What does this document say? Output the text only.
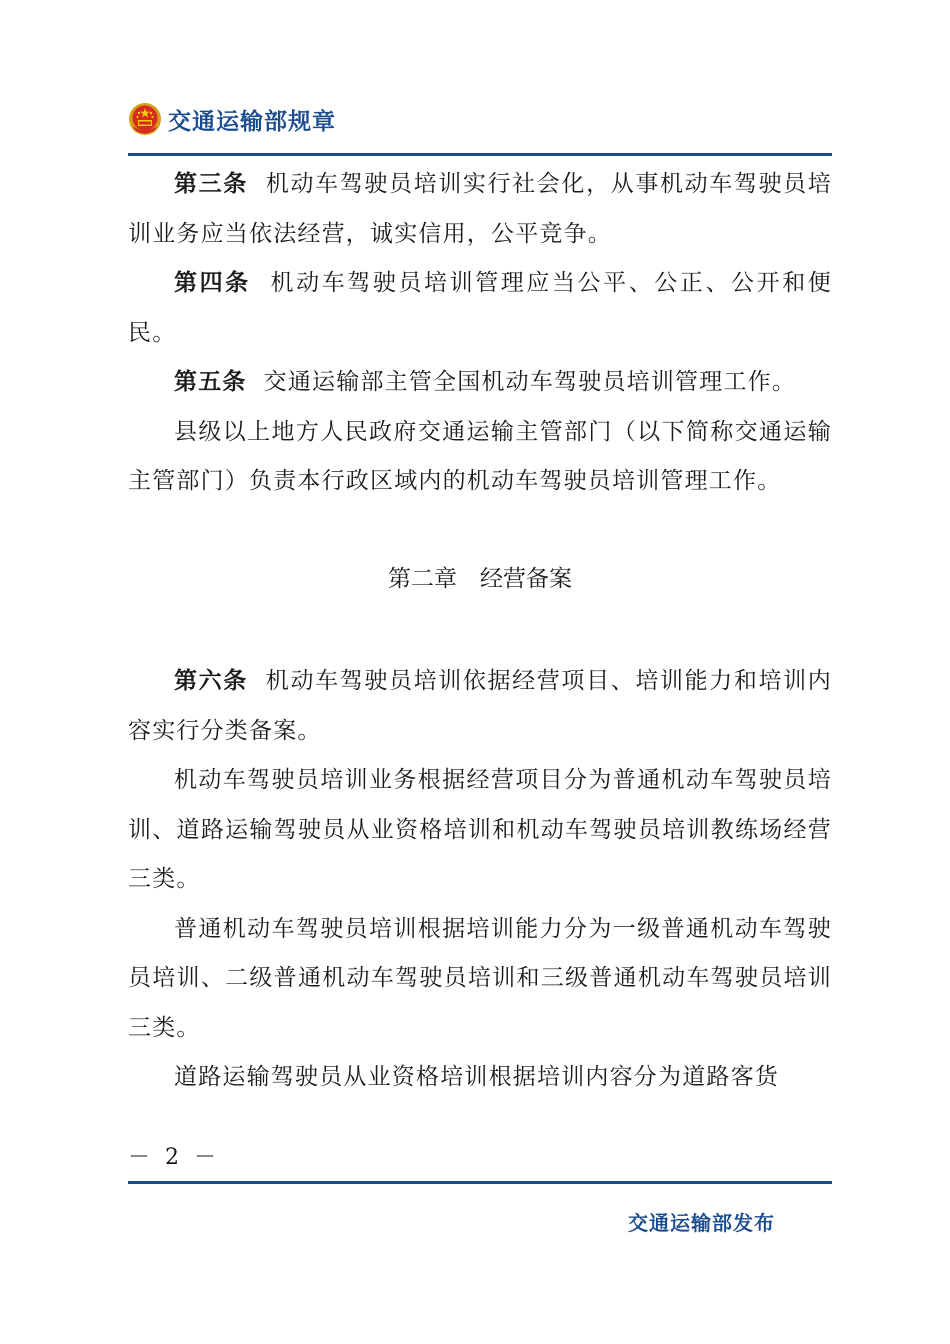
交通运输部规章

第三条 机动车驾驶员培训实行社会化，从事机动车驾驶员培训业务应当依法经营，诚实信用，公平竞争。

第四条 机动车驾驶员培训管理应当公平、公正、公开和便民。

第五条 交通运输部主管全国机动车驾驶员培训管理工作。

县级以上地方人民政府交通运输主管部门（以下简称交通运输主管部门）负责本行政区域内的机动车驾驶员培训管理工作。

第二章 经营备案

第六条 机动车驾驶员培训依据经营项目、培训能力和培训内容实行分类备案。

机动车驾驶员培训业务根据经营项目分为普通机动车驾驶员培训、道路运输驾驶员从业资格培训和机动车驾驶员培训教练场经营三类。

普通机动车驾驶员培训根据培训能力分为一级普通机动车驾驶员培训、二级普通机动车驾驶员培训和三级普通机动车驾驶员培训三类。

道路运输驾驶员从业资格培训根据培训内容分为道路客货

－ 2 －
交通运输部发布
